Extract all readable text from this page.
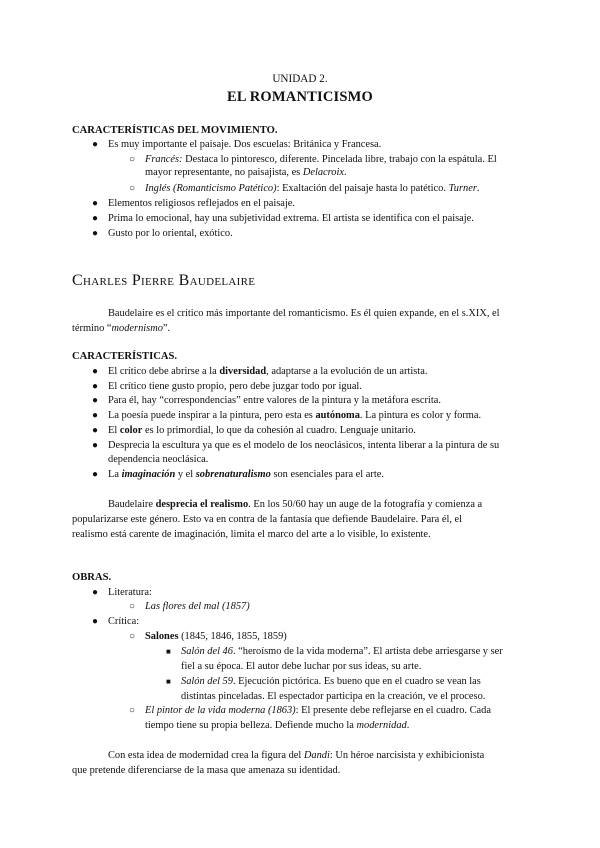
UNIDAD 2.
EL ROMANTICISMO
CARACTERÍSTICAS DEL MOVIMIENTO.
● Es muy importante el paisaje. Dos escuelas: Británica y Francesa.
○ Francés: Destaca lo pintoresco, diferente. Pincelada libre, trabajo con la espátula. El
mayor representante, no paisajista, es Delacroix.
○ Inglés (Romanticismo Patético): Exaltación del paisaje hasta lo patético. Turner.
● Elementos religiosos reflejados en el paisaje.
● Prima lo emocional, hay una subjetividad extrema. El artista se identifica con el paisaje.
● Gusto por lo oriental, exótico.
Charles Pierre Baudelaire
Baudelaire es el crítico más importante del romanticismo. Es él quien expande, en el s.XIX, el
término “modernismo”.
CARACTERÍSTICAS.
● El crítico debe abrirse a la diversidad, adaptarse a la evolución de un artista.
● El crítico tiene gusto propio, pero debe juzgar todo por igual.
● Para él, hay “correspondencias” entre valores de la pintura y la metáfora escrita.
● La poesía puede inspirar a la pintura, pero esta es autónoma. La pintura es color y forma.
● El color es lo primordial, lo que da cohesión al cuadro. Lenguaje unitario.
● Desprecia la escultura ya que es el modelo de los neoclásicos, intenta liberar a la pintura de su
dependencia neoclásica.
● La imaginación y el sobrenaturalismo son esenciales para el arte.
Baudelaire desprecia el realismo. En los 50/60 hay un auge de la fotografía y comienza a
popularizarse este género. Esto va en contra de la fantasía que defiende Baudelaire. Para él, el
realismo está carente de imaginación, limita el marco del arte a lo visible, lo existente.
OBRAS.
● Literatura:
○ Las flores del mal (1857)
● Crítica:
○ Salones (1845, 1846, 1855, 1859)
■ Salón del 46. “heroísmo de la vida moderna”. El artista debe arriesgarse y ser
fiel a su época. El autor debe luchar por sus ideas, su arte.
■ Salón del 59. Ejecución pictórica. Es bueno que en el cuadro se vean las
distintas pinceladas. El espectador participa en la creación, ve el proceso.
○ El pintor de la vida moderna (1863): El presente debe reflejarse en el cuadro. Cada
tiempo tiene su propia belleza. Defiende mucho la modernidad.
Con esta idea de modernidad crea la figura del Dandi: Un héroe narcisista y exhibicionista
que pretende diferenciarse de la masa que amenaza su identidad.
